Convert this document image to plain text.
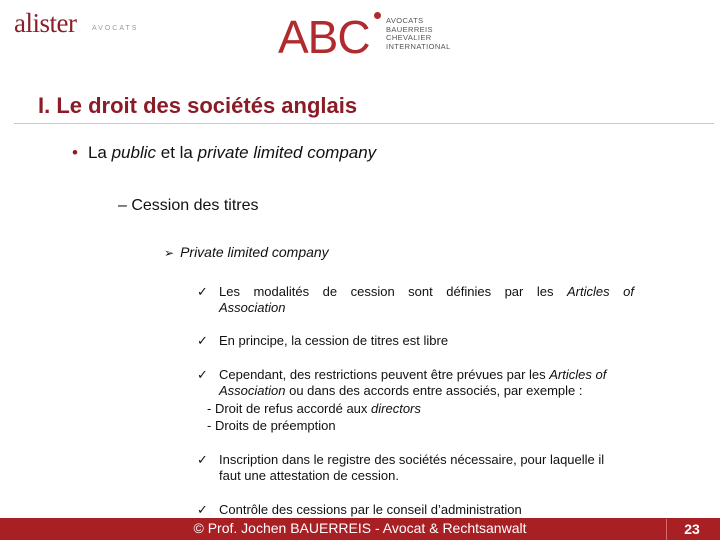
alister AVOCATS	ABC AVOCATS
BAUERREIS
CHEVALIER
INTERNATIONAL
I. Le droit des sociétés anglais
• La public et la private limited company
– Cession des titres
➢ Private limited company
✓ Les modalités de cession sont définies par les Articles of
Association
✓ En principe, la cession de titres est libre
✓ Cependant, des restrictions peuvent être prévues par les Articles of
Association ou dans des accords entre associés, par exemple :
- Droit de refus accordé aux directors
- Droits de préemption
✓ Inscription dans le registre des sociétés nécessaire, pour laquelle il
faut une attestation de cession.
✓ Contrôle des cessions par le conseil d’administration
© Prof. Jochen BAUERREIS - Avocat & Rechtsanwalt	23
